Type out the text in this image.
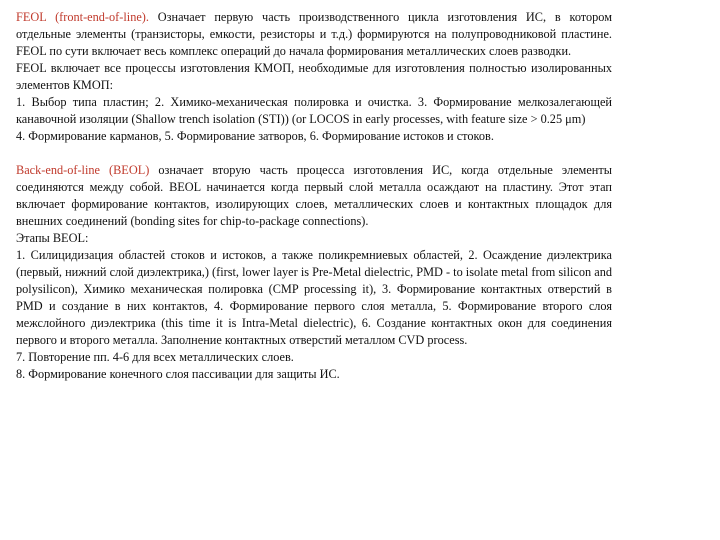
FEOL (front-end-of-line). Означает первую часть производственного цикла изготовления ИС, в котором отдельные элементы (транзисторы, емкости, резисторы и т.д.) формируются на полупроводниковой пластине. FEOL по сути включает весь комплекс операций до начала формирования металлических слоев разводки.

FEOL включает все процессы изготовления КМОП, необходимые для изготовления полностью изолированных элементов КМОП:

1. Выбор типа пластин; 2. Химико-механическая полировка и очистка. 3. Формирование мелкозалегающей канавочной изоляции (Shallow trench isolation (STI)) (or LOCOS in early processes, with feature size > 0.25 μm)

4. Формирование карманов, 5. Формирование затворов, 6. Формирование истоков и стоков.

Back-end-of-line (BEOL) означает вторую часть процесса изготовления ИС, когда отдельные элементы соединяются между собой. BEOL начинается когда первый слой металла осаждают на пластину. Этот этап включает формирование контактов, изолирующих слоев, металлических слоев и контактных площадок для внешних соединений (bonding sites for chip-to-package connections).

Этапы BEOL:

1. Силицидизация областей стоков и истоков, а также поликремниевых областей, 2. Осаждение диэлектрика (первый, нижний слой диэлектрика,) (first, lower layer is Pre-Metal dielectric, PMD - to isolate metal from silicon and polysilicon), Химико механическая полировка (CMP processing it), 3. Формирование контактных отверстий в PMD и создание в них контактов, 4. Формирование первого слоя металла, 5. Формирование второго слоя межслойного диэлектрика (this time it is Intra-Metal dielectric), 6. Создание контактных окон для соединения первого и второго металла. Заполнение контактных отверстий металлом CVD process.

7. Повторение пп. 4-6 для всех металлических слоев.

8. Формирование конечного слоя пассивации для защиты ИС.
